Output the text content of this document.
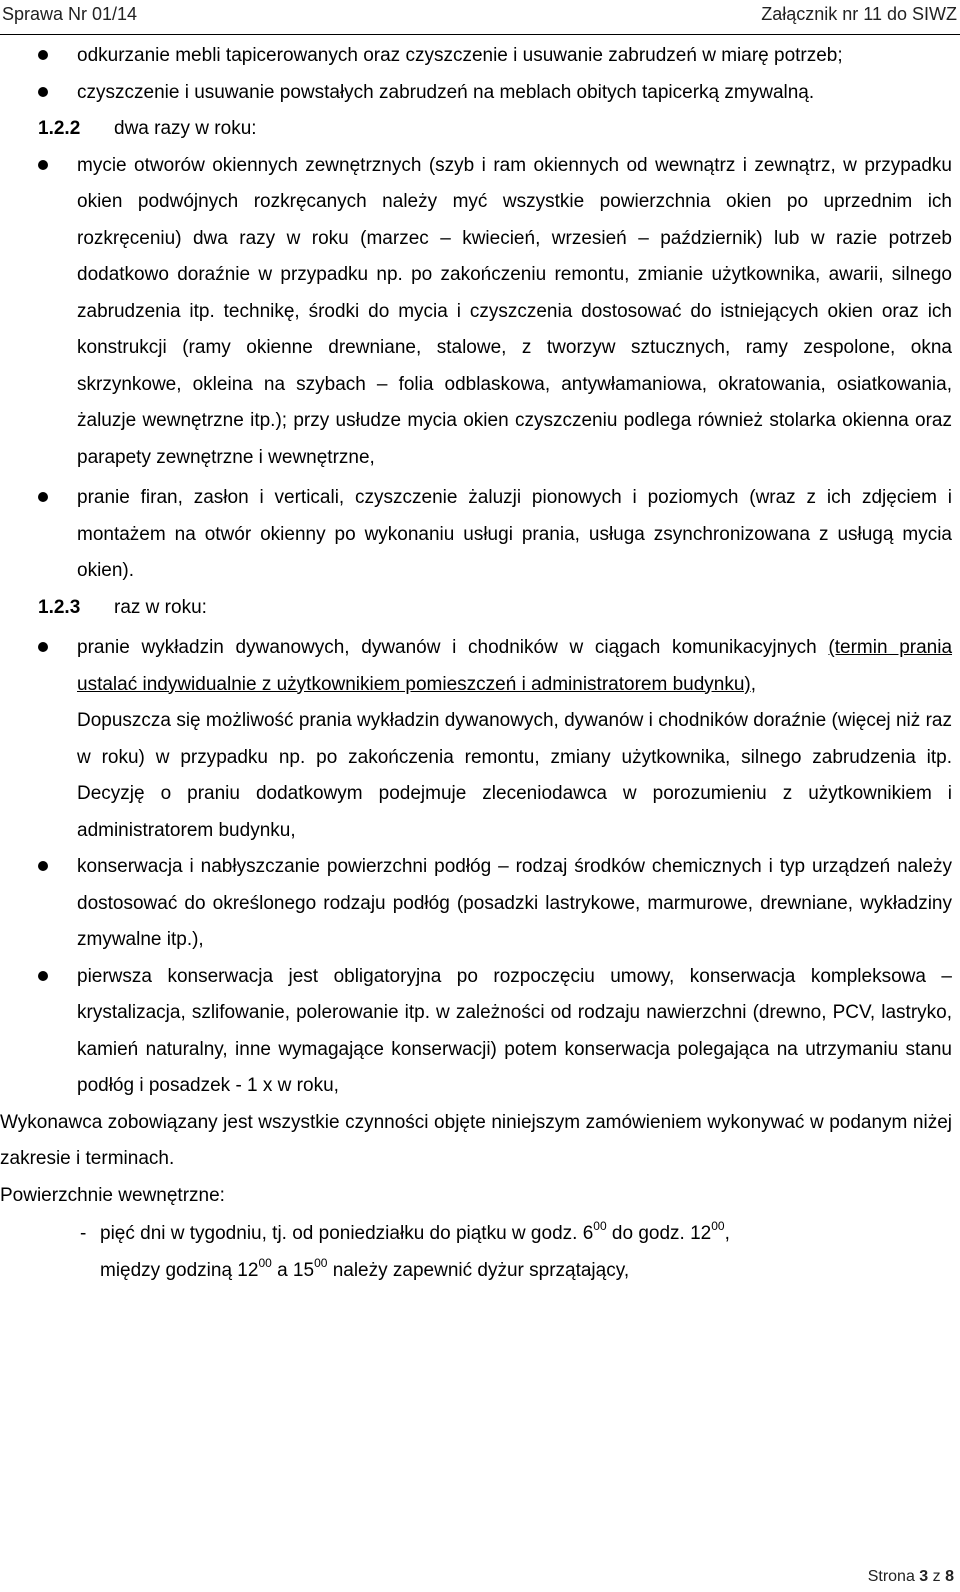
Sprawa Nr 01/14	Załącznik nr 11 do SIWZ
odkurzanie mebli tapicerowanych oraz czyszczenie i usuwanie zabrudzeń w miarę potrzeb;
czyszczenie i usuwanie powstałych zabrudzeń na meblach obitych tapicerką zmywalną.
1.2.2 dwa razy w roku:
mycie otworów okiennych zewnętrznych (szyb i ram okiennych od wewnątrz i zewnątrz, w przypadku okien podwójnych rozkręcanych należy myć wszystkie powierzchnia okien po uprzednim ich rozkręceniu) dwa razy w roku (marzec – kwiecień, wrzesień – październik) lub w razie potrzeb dodatkowo doraźnie w przypadku np. po zakończeniu remontu, zmianie użytkownika, awarii, silnego zabrudzenia itp. technikę, środki do mycia i czyszczenia dostosować do istniejących okien oraz ich konstrukcji (ramy okienne drewniane, stalowe, z tworzyw sztucznych, ramy zespolone, okna skrzynkowe, okleina na szybach – folia odblaskowa, antywłamaniowa, okratowania, osiatkowania, żaluzje wewnętrzne itp.); przy usłudze mycia okien czyszczeniu podlega również stolarka okienna oraz parapety zewnętrzne i wewnętrzne,
pranie firan, zasłon i verticali, czyszczenie żaluzji pionowych i poziomych (wraz z ich zdjęciem i montażem na otwór okienny po wykonaniu usługi prania, usługa zsynchronizowana z usługą mycia okien).
1.2.3 raz w roku:
pranie wykładzin dywanowych, dywanów i chodników w ciągach komunikacyjnych (termin prania ustalać indywidualnie z użytkownikiem pomieszczeń i administratorem budynku),
Dopuszcza się możliwość prania wykładzin dywanowych, dywanów i chodników doraźnie (więcej niż raz w roku) w przypadku np. po zakończenia remontu, zmiany użytkownika, silnego zabrudzenia itp. Decyzję o praniu dodatkowym podejmuje zleceniodawca w porozumieniu z użytkownikiem i administratorem budynku,
konserwacja i nabłyszczanie powierzchni podłóg – rodzaj środków chemicznych i typ urządzeń należy dostosować do określonego rodzaju podłóg (posadzki lastrykowe, marmurowe, drewniane, wykładziny zmywalne itp.),
pierwsza konserwacja jest obligatoryjna po rozpoczęciu umowy, konserwacja kompleksowa – krystalizacja, szlifowanie, polerowanie itp. w zależności od rodzaju nawierzchni (drewno, PCV, lastryko, kamień naturalny, inne wymagające konserwacji) potem konserwacja polegająca na utrzymaniu stanu podłóg i posadzek - 1 x w roku,
Wykonawca zobowiązany jest wszystkie czynności objęte niniejszym zamówieniem wykonywać w podanym niżej zakresie i terminach.
Powierzchnie wewnętrzne:
- pięć dni w tygodniu, tj. od poniedziałku do piątku w godz. $6^{00}$ do godz. $12^{00}$,
między godziną $12^{00}$ a $15^{00}$ należy zapewnić dyżur sprzątający,
Strona 3 z 8
